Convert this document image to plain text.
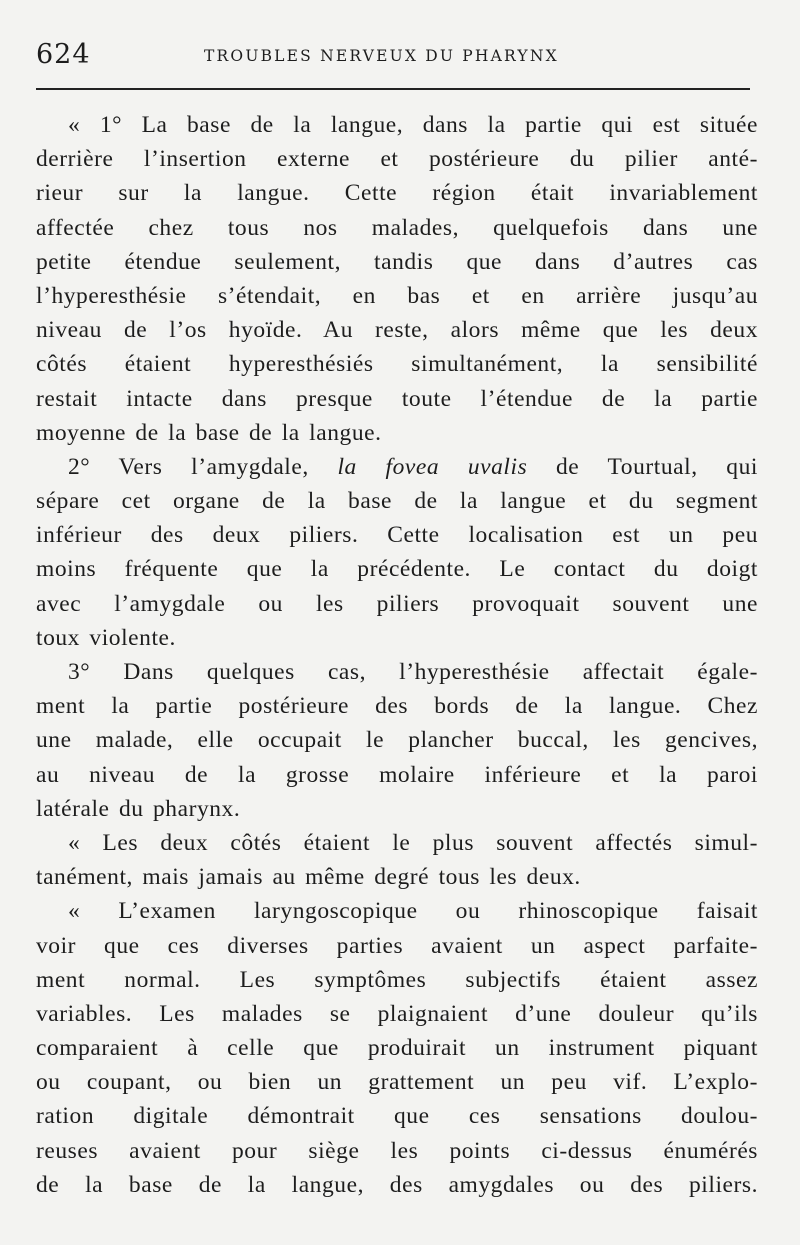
624	TROUBLES NERVEUX DU PHARYNX

« 1° La base de la langue, dans la partie qui est située
derrière l’insertion externe et postérieure du pilier anté-
rieur sur la langue. Cette région était invariablement
affectée chez tous nos malades, quelquefois dans une
petite étendue seulement, tandis que dans d’autres cas
l’hyperesthésie s’étendait, en bas et en arrière jusqu’au
niveau de l’os hyoïde. Au reste, alors même que les deux
côtés étaient hyperesthésiés simultanément, la sensibilité
restait intacte dans presque toute l’étendue de la partie
moyenne de la base de la langue.

2° Vers l’amygdale, la fovea uvalis de Tourtual, qui
sépare cet organe de la base de la langue et du segment
inférieur des deux piliers. Cette localisation est un peu
moins fréquente que la précédente. Le contact du doigt
avec l’amygdale ou les piliers provoquait souvent une
toux violente.

3° Dans quelques cas, l’hyperesthésie affectait égale-
ment la partie postérieure des bords de la langue. Chez
une malade, elle occupait le plancher buccal, les gencives,
au niveau de la grosse molaire inférieure et la paroi
latérale du pharynx.

« Les deux côtés étaient le plus souvent affectés simul-
tanément, mais jamais au même degré tous les deux.

« L’examen laryngoscopique ou rhinoscopique faisait
voir que ces diverses parties avaient un aspect parfaite-
ment normal. Les symptômes subjectifs étaient assez
variables. Les malades se plaignaient d’une douleur qu’ils
comparaient à celle que produirait un instrument piquant
ou coupant, ou bien un grattement un peu vif. L’explo-
ration digitale démontrait que ces sensations doulou-
reuses avaient pour siège les points ci-dessus énumérés
de la base de la langue, des amygdales ou des piliers.
